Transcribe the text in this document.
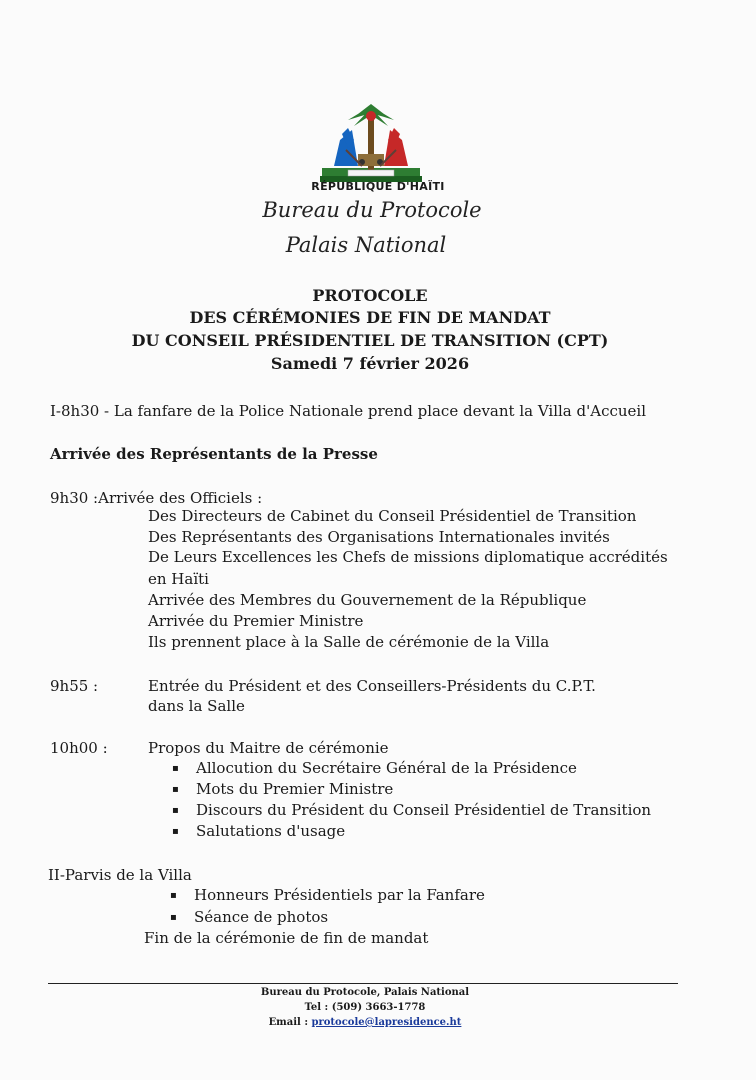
RÉPUBLIQUE D'HAÏTI
Bureau du Protocole
Palais National
PROTOCOLE
DES CÉRÉMONIES DE FIN DE MANDAT
DU CONSEIL PRÉSIDENTIEL DE TRANSITION (CPT)
Samedi 7 février 2026
I-8h30 - La fanfare de la Police Nationale prend place devant la Villa d'Accueil
Arrivée des Représentants de la Presse
9h30 :Arrivée des Officiels :
Des Directeurs de Cabinet du Conseil Présidentiel de Transition
Des Représentants des Organisations Internationales invités
De Leurs Excellences les Chefs de missions diplomatique accrédités
en Haïti
Arrivée des Membres du Gouvernement de la République
Arrivée du Premier Ministre
Ils prennent place à la Salle de cérémonie de la Villa
9h55 :	Entrée du Président et des Conseillers-Présidents du C.P.T.
dans la Salle
10h00 :	Propos du Maitre de cérémonie
▪ Allocution du Secrétaire Général de la Présidence
▪ Mots du Premier Ministre
▪ Discours du Président du Conseil Présidentiel de Transition
▪ Salutations d'usage
II-Parvis de la Villa
▪ Honneurs Présidentiels par la Fanfare
▪ Séance de photos
Fin de la cérémonie de fin de mandat
Bureau du Protocole, Palais National
Tel : (509) 3663-1778
Email : protocole@lapresidence.ht
